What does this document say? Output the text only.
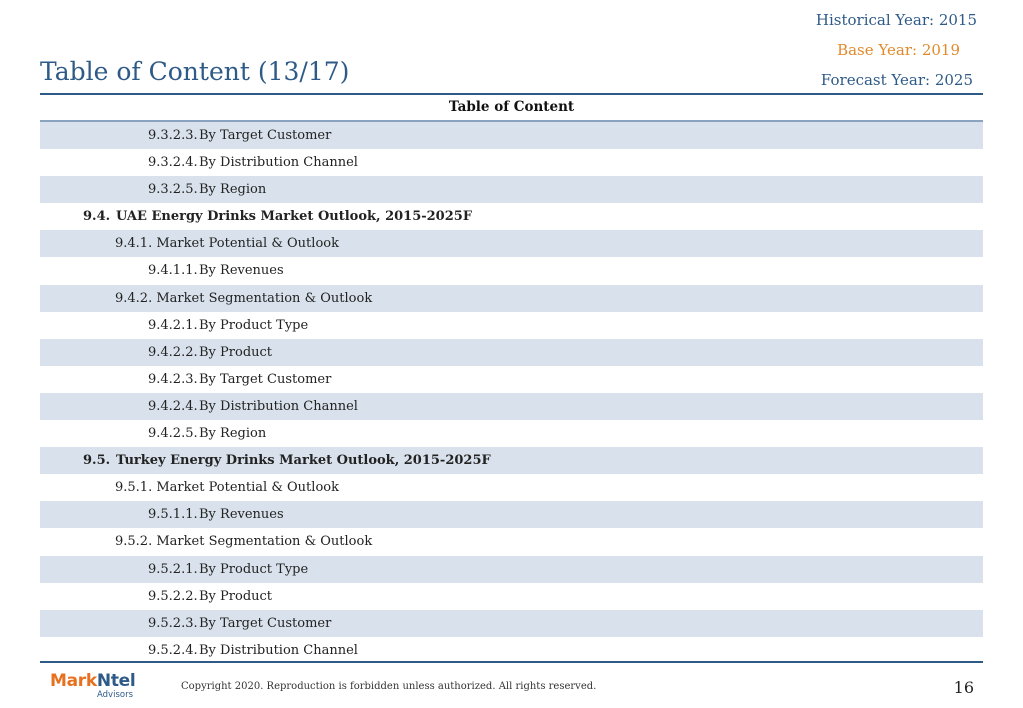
Historical Year: 2015
Base Year: 2019
Forecast Year: 2025
Table of Content (13/17)
Table of Content
9.3.2.3.By Target Customer
9.3.2.4.By Distribution Channel
9.3.2.5.By Region
9.4. UAE Energy Drinks Market Outlook, 2015-2025F
9.4.1. Market Potential & Outlook
9.4.1.1.By Revenues
9.4.2. Market Segmentation & Outlook
9.4.2.1.By Product Type
9.4.2.2.By Product
9.4.2.3.By Target Customer
9.4.2.4.By Distribution Channel
9.4.2.5.By Region
9.5. Turkey Energy Drinks Market Outlook, 2015-2025F
9.5.1. Market Potential & Outlook
9.5.1.1.By Revenues
9.5.2. Market Segmentation & Outlook
9.5.2.1.By Product Type
9.5.2.2.By Product
9.5.2.3.By Target Customer
9.5.2.4.By Distribution Channel
MarkNtel
Advisors
Copyright 2020. Reproduction is forbidden unless authorized. All rights reserved.	16
